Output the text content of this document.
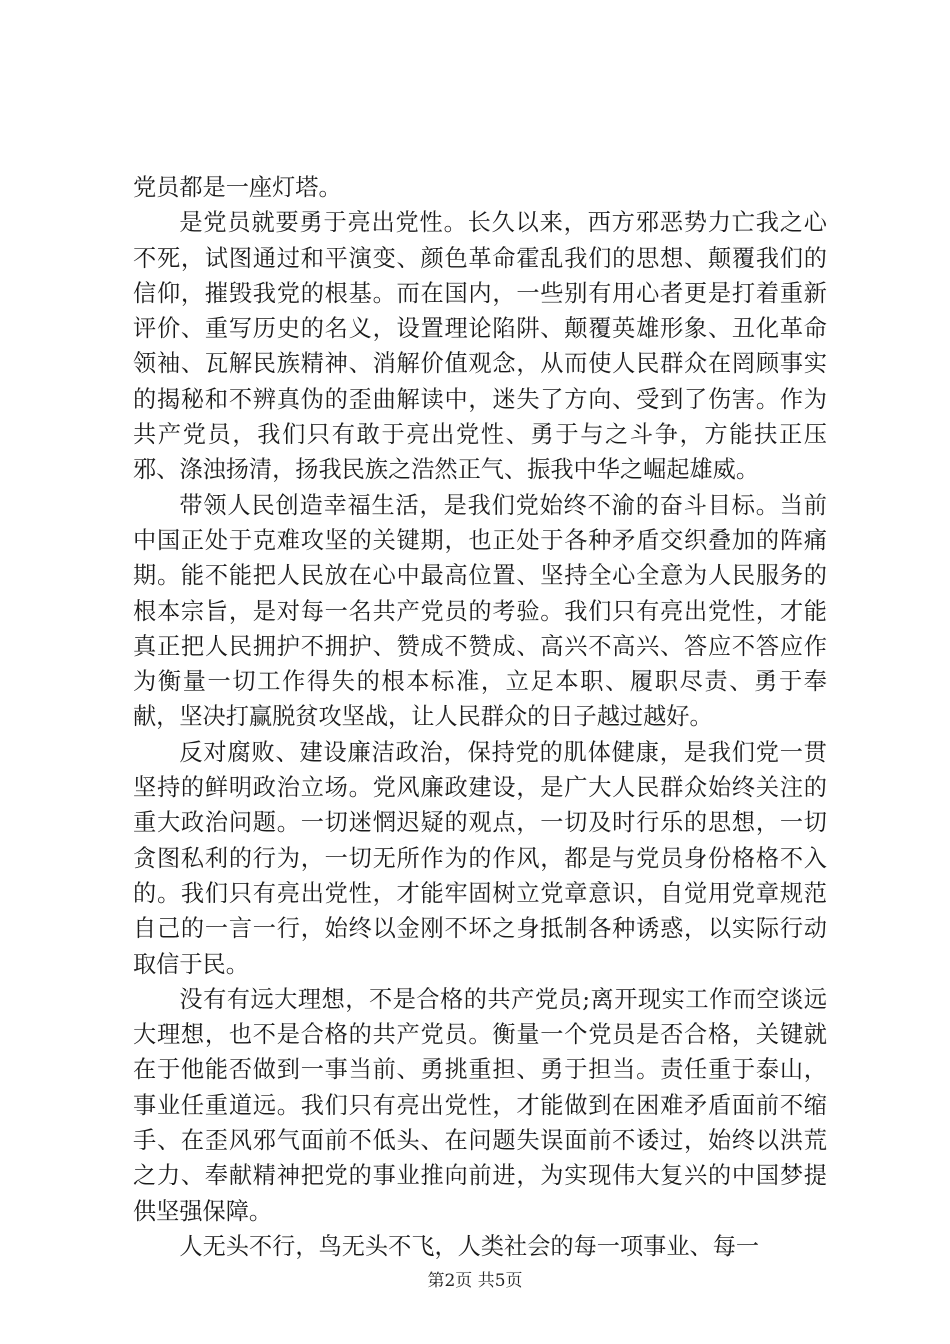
党员都是一座灯塔。

是党员就要勇于亮出党性。长久以来，西方邪恶势力亡我之心不死，试图通过和平演变、颜色革命霍乱我们的思想、颠覆我们的信仰，摧毁我党的根基。而在国内，一些别有用心者更是打着重新评价、重写历史的名义，设置理论陷阱、颠覆英雄形象、丑化革命领袖、瓦解民族精神、消解价值观念，从而使人民群众在罔顾事实的揭秘和不辨真伪的歪曲解读中，迷失了方向、受到了伤害。作为共产党员，我们只有敢于亮出党性、勇于与之斗争，方能扶正压邪、涤浊扬清，扬我民族之浩然正气、振我中华之崛起雄威。

带领人民创造幸福生活，是我们党始终不渝的奋斗目标。当前中国正处于克难攻坚的关键期，也正处于各种矛盾交织叠加的阵痛期。能不能把人民放在心中最高位置、坚持全心全意为人民服务的根本宗旨，是对每一名共产党员的考验。我们只有亮出党性，才能真正把人民拥护不拥护、赞成不赞成、高兴不高兴、答应不答应作为衡量一切工作得失的根本标准，立足本职、履职尽责、勇于奉献，坚决打赢脱贫攻坚战，让人民群众的日子越过越好。

反对腐败、建设廉洁政治，保持党的肌体健康，是我们党一贯坚持的鲜明政治立场。党风廉政建设，是广大人民群众始终关注的重大政治问题。一切迷惘迟疑的观点，一切及时行乐的思想，一切贪图私利的行为，一切无所作为的作风，都是与党员身份格格不入的。我们只有亮出党性，才能牢固树立党章意识，自觉用党章规范自己的一言一行，始终以金刚不坏之身抵制各种诱惑，以实际行动取信于民。

没有有远大理想，不是合格的共产党员;离开现实工作而空谈远大理想，也不是合格的共产党员。衡量一个党员是否合格，关键就在于他能否做到一事当前、勇挑重担、勇于担当。责任重于泰山，事业任重道远。我们只有亮出党性，才能做到在困难矛盾面前不缩手、在歪风邪气面前不低头、在问题失误面前不诿过，始终以洪荒之力、奉献精神把党的事业推向前进，为实现伟大复兴的中国梦提供坚强保障。

人无头不行，鸟无头不飞，人类社会的每一项事业、每一

第2页 共5页
